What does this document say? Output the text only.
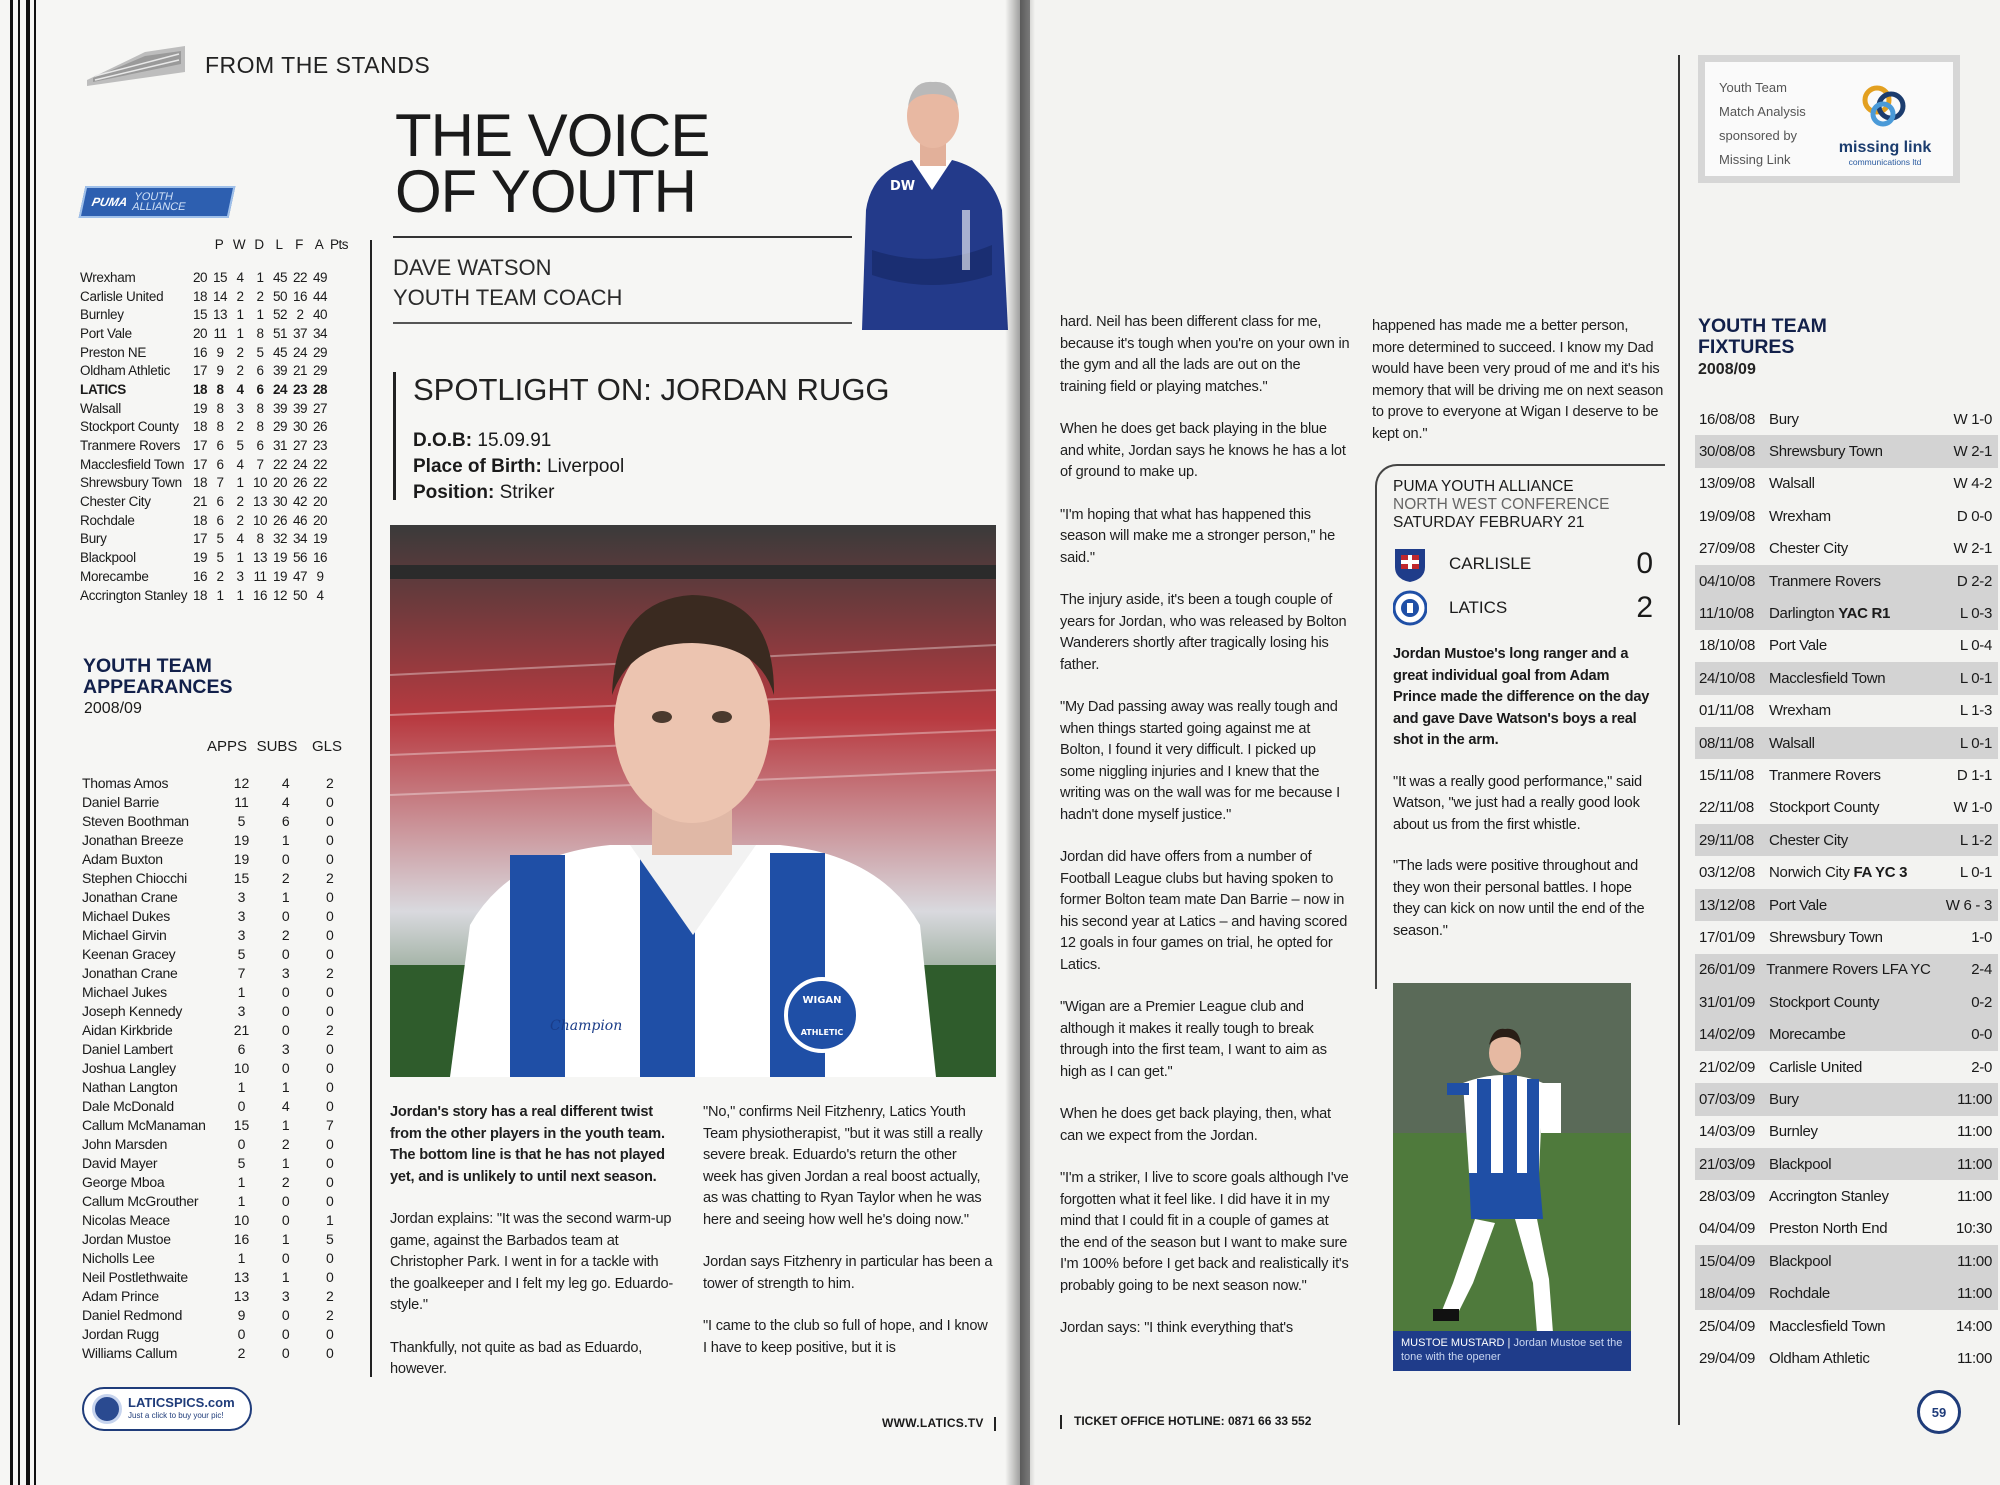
FROM THE STANDS
PUMA YOUTH
ALLIANCE
P W D L F A Pts
Wrexham	20 15 4 1 45 22 49
Carlisle United	18 14 2 2 50 16 44
Burnley	15 13 1 1 52 2 40
Port Vale	20 11 1 8 51 37 34
Preston NE	16 9 2 5 45 24 29
Oldham Athletic	17 9 2 6 39 21 29
LATICS	18 8 4 6 24 23 28
Walsall	19 8 3 8 39 39 27
Stockport County	18 8 2 8 29 30 26
Tranmere Rovers 17 6 5 6 31 27 23
Macclesfield Town 17 6 4 7 22 24 22
Shrewsbury Town 18 7 1 10 20 26 22
Chester City	21 6 2 13 30 42 20
Rochdale	18 6 2 10 26 46 20
Bury	17 5 4 8 32 34 19
Blackpool	19 5 1 13 19 56 16
Morecambe	16 2 3 11 19 47 9
Accrington Stanley 18 1 1 16 12 50 4
YOUTH TEAM
APPEARANCES
2008/09
APPS SUBS GLS
Thomas Amos	12	4	2
Daniel Barrie	11	4	0
Steven Boothman	5	6	0
Jonathan Breeze	19	1	0
Adam Buxton	19	0	0
Stephen Chiocchi	15	2	2
Jonathan Crane	3	1	0
Michael Dukes	3	0	0
Michael Girvin	3	2	0
Keenan Gracey	5	0	0
Jonathan Crane	7	3	2
Michael Jukes	1	0	0
Joseph Kennedy	3	0	0
Aidan Kirkbride	21	0	2
Daniel Lambert	6	3	0
Joshua Langley	10	0	0
Nathan Langton	1	1	0
Dale McDonald	0	4	0
Callum McManaman	15	1	7
John Marsden	0	2	0
David Mayer	5	1	0
George Mboa	1	2	0
Callum McGrouther	1	0	0
Nicolas Meace	10	0	1
Jordan Mustoe	16	1	5
Nicholls Lee	1	0	0
Neil Postlethwaite	13	1	0
Adam Prince	13	3	2
Daniel Redmond	9	0	2
Jordan Rugg	0	0	0
Williams Callum	2	0	0
LATICSPICS.com
Just a click to buy your pic!
THE VOICE
OF YOUTH
DAVE WATSON
YOUTH TEAM COACH
DW
SPOTLIGHT ON: JORDAN RUGG
D.O.B: 15.09.91
Place of Birth: Liverpool
Position: Striker
WIGAN
ATHLETIC
Champion

Jordan's story has a real different twist from the other players in the youth team. The bottom line is that he has not played yet, and is unlikely to until next season.

Jordan explains: "It was the second warm-up game, against the Barbados team at Christopher Park. I went in for a tackle with the goalkeeper and I felt my leg go. Eduardo-style."

Thankfully, not quite as bad as Eduardo, however.

"No," confirms Neil Fitzhenry, Latics Youth Team physiotherapist, "but it was still a really severe break. Eduardo's return the other week has given Jordan a real boost actually, as was chatting to Ryan Taylor when he was here and seeing how well he's doing now."

Jordan says Fitzhenry in particular has been a tower of strength to him.

"I came to the club so full of hope, and I know I have to keep positive, but it is

WWW.LATICS.TV

hard. Neil has been different class for me, because it's tough when you're on your own in the gym and all the lads are out on the training field or playing matches."

When he does get back playing in the blue and white, Jordan says he knows he has a lot of ground to make up.

"I'm hoping that what has happened this season will make me a stronger person," he said."

The injury aside, it's been a tough couple of years for Jordan, who was released by Bolton Wanderers shortly after tragically losing his father.

"My Dad passing away was really tough and when things started going against me at Bolton, I found it very difficult. I picked up some niggling injuries and I knew that the writing was on the wall was for me because I hadn't done myself justice."

Jordan did have offers from a number of Football League clubs but having spoken to former Bolton team mate Dan Barrie – now in his second year at Latics – and having scored 12 goals in four games on trial, he opted for Latics.

"Wigan are a Premier League club and although it makes it really tough to break through into the first team, I want to aim as high as I can get."

When he does get back playing, then, what can we expect from the Jordan.

"I'm a striker, I live to score goals although I've forgotten what it feel like. I did have it in my mind that I could fit in a couple of games at the end of the season but I want to make sure I'm 100% before I get back and realistically it's probably going to be next season now."

Jordan says: "I think everything that's

happened has made me a better person, more determined to succeed. I know my Dad would have been very proud of me and it's his memory that will be driving me on next season to prove to everyone at Wigan I deserve to be kept on."

PUMA YOUTH ALLIANCE
NORTH WEST CONFERENCE
SATURDAY FEBRUARY 21
CARLISLE	0
LATICS	2

Jordan Mustoe's long ranger and a great individual goal from Adam Prince made the difference on the day and gave Dave Watson's boys a real shot in the arm.

"It was a really good performance," said Watson, "we just had a really good look about us from the first whistle.

"The lads were positive throughout and they won their personal battles. I hope they can kick on now until the end of the season."

MUSTOE MUSTARD | Jordan Mustoe set the tone with the opener
TICKET OFFICE HOTLINE: 0871 66 33 552
Youth Team
Match Analysis
sponsored by
Missing Link
missing link
communications ltd
YOUTH TEAM
FIXTURES
2008/09
16/08/08 Bury	W 1-0
30/08/08 Shrewsbury Town	W 2-1
13/09/08 Walsall	W 4-2
19/09/08 Wrexham	D 0-0
27/09/08 Chester City	W 2-1
04/10/08 Tranmere Rovers	D 2-2
11/10/08	Darlington YAC R1	L 0-3
18/10/08 Port Vale	L 0-4
24/10/08 Macclesfield Town	L 0-1
01/11/08	Wrexham	L 1-3
08/11/08	Walsall	L 0-1
15/11/08	Tranmere Rovers	D 1-1
22/11/08	Stockport County	W 1-0
29/11/08	Chester City	L 1-2
03/12/08 Norwich City FA YC 3	L 0-1
13/12/08 Port Vale	W 6 - 3
17/01/09 Shrewsbury Town	1-0
26/01/09 Tranmere Rovers LFA YC	2-4
31/01/09 Stockport County	0-2
14/02/09 Morecambe	0-0
21/02/09 Carlisle United	2-0
07/03/09 Bury	11:00
14/03/09 Burnley	11:00
21/03/09 Blackpool	11:00
28/03/09 Accrington Stanley	11:00
04/04/09 Preston North End	10:30
15/04/09 Blackpool	11:00
18/04/09 Rochdale	11:00
25/04/09 Macclesfield Town	14:00
29/04/09 Oldham Athletic	11:00
59
